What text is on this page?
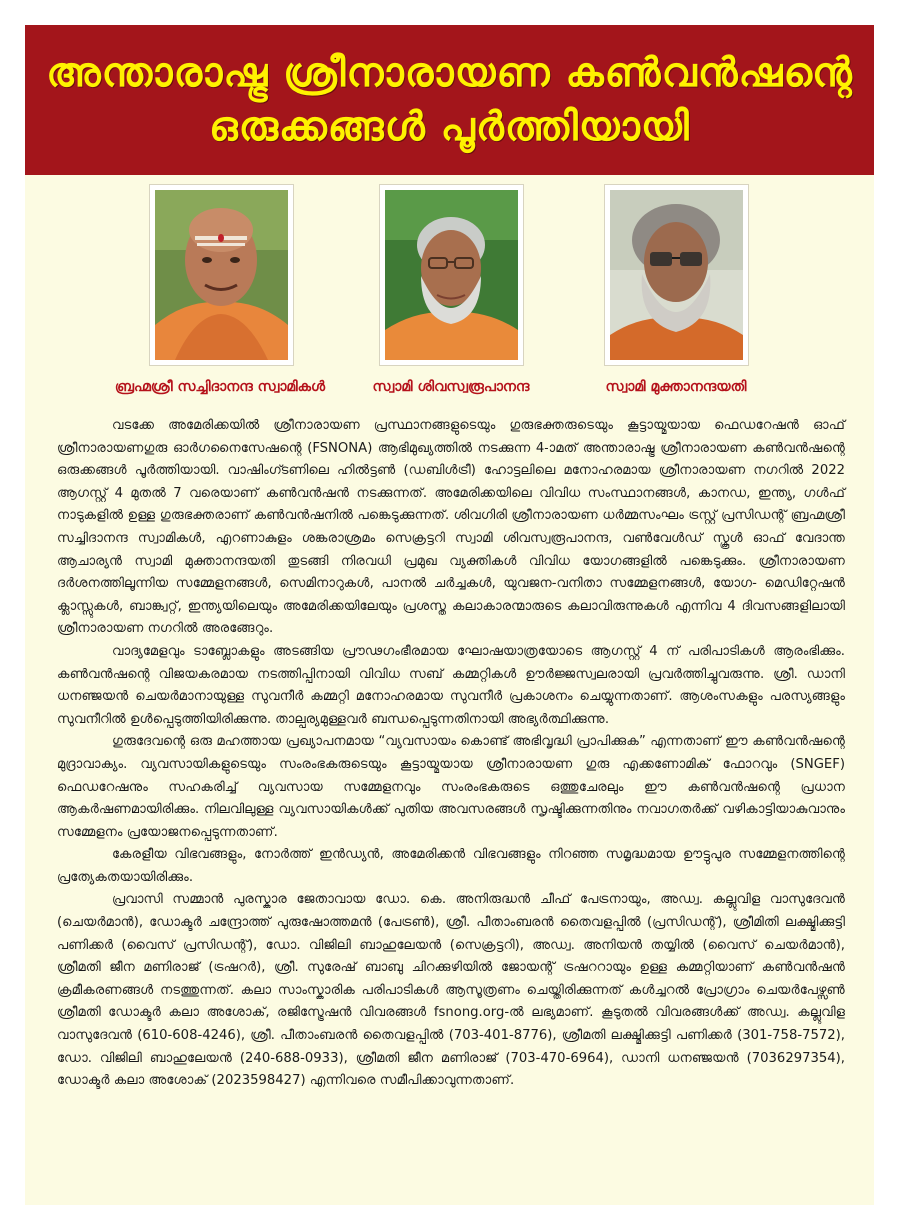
അന്താരാഷ്ട്ര ശ്രീനാരായണ കൺവൻഷന്റെ
ഒരുക്കങ്ങൾ പൂർത്തിയായി
ബ്രഹ്മശ്രീ സച്ചിദാനന്ദ സ്വാമികൾ	സ്വാമി ശിവസ്വരൂപാനന്ദ	സ്വാമി മുക്താനന്ദയതി

വടക്കേ അമേരിക്കയിൽ ശ്രീനാരായണ പ്രസ്ഥാനങ്ങളുടെയും ഗുരുഭക്തരുടെയും കൂട്ടായ്മയായ ഫെഡറേഷൻ ഓഫ് ശ്രീനാരായണഗുരു ഓർഗനൈസേഷന്റെ (FSNONA) ആഭിമുഖ്യത്തിൽ നടക്കുന്ന 4-ാമത് അന്താരാഷ്ട്ര ശ്രീനാരായണ കൺവൻഷന്റെ ഒരുക്കങ്ങൾ പൂർത്തിയായി. വാഷിംഗ്ടണിലെ ഹിൽട്ടൺ (ഡബിൾട്രീ) ഹോട്ടലിലെ മനോഹരമായ ശ്രീനാരായണ നഗറിൽ 2022 ആഗസ്റ്റ് 4 മുതൽ 7 വരെയാണ് കൺവൻഷൻ നടക്കുന്നത്. അമേരിക്കയിലെ വിവിധ സംസ്ഥാനങ്ങൾ, കാനഡ, ഇന്ത്യ, ഗൾഫ് നാടുകളിൽ ഉള്ള ഗുരുഭക്തരാണ് കൺവൻഷനിൽ പങ്കെടുക്കുന്നത്. ശിവഗിരി ശ്രീനാരായണ ധർമ്മസംഘം ട്രസ്റ്റ് പ്രസിഡന്റ് ബ്രഹ്മശ്രീ സച്ചിദാനന്ദ സ്വാമികൾ, എറണാകുളം ശങ്കരാശ്രമം സെക്രട്ടറി സ്വാമി ശിവസ്വരൂപാനന്ദ, വൺവേൾഡ് സ്കൂൾ ഓഫ് വേദാന്ത ആചാര്യൻ സ്വാമി മുക്താനന്ദയതി തുടങ്ങി നിരവധി പ്രമുഖ വ്യക്തികൾ വിവിധ യോഗങ്ങളിൽ പങ്കെടുക്കും. ശ്രീനാരായണ ദർശനത്തിലൂന്നിയ സമ്മേളനങ്ങൾ, സെമിനാറുകൾ, പാനൽ ചർച്ചകൾ, യുവജന-വനിതാ സമ്മേളനങ്ങൾ, യോഗ- മെഡിറ്റേഷൻ ക്ലാസ്സുകൾ, ബാങ്ക്വറ്റ്, ഇന്ത്യയിലെയും അമേരിക്കയിലേയും പ്രശസ്ത കലാകാരന്മാരുടെ കലാവിരുന്നുകൾ എന്നിവ 4 ദിവസങ്ങളിലായി ശ്രീനാരായണ നഗറിൽ അരങ്ങേറും.

വാദ്യമേളവും ടാബ്ലോകളും അടങ്ങിയ പ്രൗഢഗംഭീരമായ ഘോഷയാത്രയോടെ ആഗസ്റ്റ് 4 ന് പരിപാടികൾ ആരംഭിക്കും. കൺവൻഷന്റെ വിജയകരമായ നടത്തിപ്പിനായി വിവിധ സബ് കമ്മറ്റികൾ ഊർജ്ജസ്വലരായി പ്രവർത്തിച്ചുവരുന്നു. ശ്രീ. ഡാനി ധനഞ്ജയൻ ചെയർമാനായുള്ള സുവനീർ കമ്മറ്റി മനോഹരമായ സുവനീർ പ്രകാശനം ചെയ്യുന്നതാണ്. ആശംസകളും പരസ്യങ്ങളും സുവനീറിൽ ഉൾപ്പെടുത്തിയിരിക്കുന്നു. താല്പര്യമുള്ളവർ ബന്ധപ്പെടുന്നതിനായി അഭ്യർത്ഥിക്കുന്നു.

ഗുരുദേവന്റെ ഒരു മഹത്തായ പ്രഖ്യാപനമായ “വ്യവസായം കൊണ്ട് അഭിവൃദ്ധി പ്രാപിക്കുക” എന്നതാണ് ഈ കൺവൻഷന്റെ മുദ്രാവാക്യം. വ്യവസായികളുടെയും സംരംഭകരുടെയും കൂട്ടായ്മയായ ശ്രീനാരായണ ഗുരു എക്കണോമിക് ഫോറവും (SNGEF) ഫെഡറേഷനും സഹകരിച്ച് വ്യവസായ സമ്മേളനവും സംരംഭകരുടെ ഒത്തുചേരലും ഈ കൺവൻഷന്റെ പ്രധാന ആകർഷണമായിരിക്കും. നിലവിലുള്ള വ്യവസായികൾക്ക് പുതിയ അവസരങ്ങൾ സൃഷ്ടിക്കുന്നതിനും നവാഗതർക്ക് വഴികാട്ടിയാകുവാനും സമ്മേളനം പ്രയോജനപ്പെടുന്നതാണ്.

കേരളീയ വിഭവങ്ങളും, നോർത്ത് ഇൻഡ്യൻ, അമേരിക്കൻ വിഭവങ്ങളും നിറഞ്ഞ സമൃദ്ധമായ ഊട്ടുപുര സമ്മേളനത്തിന്റെ പ്രത്യേകതയായിരിക്കും.

പ്രവാസി സമ്മാൻ പുരസ്കാര ജേതാവായ ഡോ. കെ. അനിരുദ്ധൻ ചീഫ് പേട്രനായും, അഡ്വ. കല്ലുവിള വാസുദേവൻ (ചെയർമാൻ), ഡോക്ടർ ചന്ദ്രോത്ത് പുരുഷോത്തമൻ (പേട്രൺ), ശ്രീ. പീതാംബരൻ തൈവളപ്പിൽ (പ്രസിഡന്റ്), ശ്രീമിതി ലക്ഷ്മിക്കുട്ടി പണിക്കർ (വൈസ് പ്രസിഡന്റ്), ഡോ. വിജിലി ബാഹുലേയൻ (സെക്രട്ടറി), അഡ്വ. അനിയൻ തയ്യിൽ (വൈസ് ചെയർമാൻ), ശ്രീമതി ജീന മണിരാജ് (ട്രഷറർ), ശ്രീ. സുരേഷ് ബാബു ചിറക്കുഴിയിൽ ജോയന്റ് ട്രഷററായും ഉള്ള കമ്മറ്റിയാണ് കൺവൻഷൻ ക്രമീകരണങ്ങൾ നടത്തുന്നത്. കലാ സാംസ്കാരിക പരിപാടികൾ ആസൂത്രണം ചെയ്തിരിക്കുന്നത് കൾച്ചറൽ പ്രോഗ്രാം ചെയർപേഴ്സൺ ശ്രീമതി ഡോക്ടർ കലാ അശോക്, രജിസ്ട്രേഷൻ വിവരങ്ങൾ fsnong.org-ൽ ലഭ്യമാണ്. കൂടുതൽ വിവരങ്ങൾക്ക് അഡ്വ. കല്ലുവിള വാസുദേവൻ (610-608-4246), ശ്രീ. പീതാംബരൻ തൈവളപ്പിൽ (703-401-8776), ശ്രീമതി ലക്ഷ്മിക്കുട്ടി പണിക്കർ (301-758-7572), ഡോ. വിജിലി ബാഹുലേയൻ (240-688-0933), ശ്രീമതി ജീന മണിരാജ് (703-470-6964), ഡാനി ധനഞ്ജയൻ (7036297354), ഡോക്ടർ കലാ അശോക് (2023598427) എന്നിവരെ സമീപിക്കാവുന്നതാണ്.
